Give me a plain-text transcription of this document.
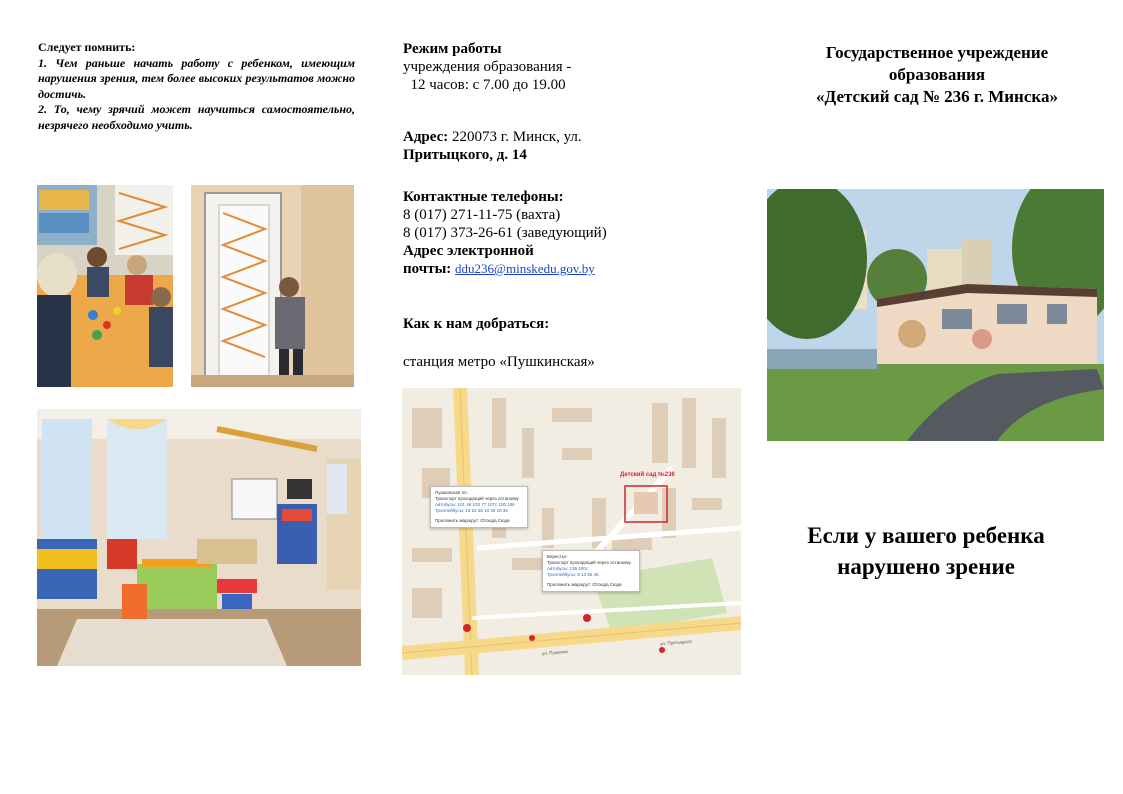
Следует помнить:
1. Чем раньше начать работу с ребенком, имеющим нарушения зрения, тем более высоких результатов можно достичь.
2. То, чему зрячий может научиться самостоятельно, незрячего необходимо учить.
Режим работы
учреждения образования -
12 часов: с 7.00 до 19.00
Адрес: 220073 г. Минск, ул.
Притыцкого, д. 14
Контактные телефоны:
8 (017) 271-11-75 (вахта)
8 (017) 373-26-61 (заведующий)
Адрес электронной
почты: ddu236@minskedu.gov.by
Как к нам добраться:
станция метро «Пушкинская»
Детский сад №236
ул. Притыцкого
ул. Пушкина
Пушкинская пл.
Транспорт проходящий через остановку
Автобусы: 101 46 103 77 107с 100 106
Троллейбусы: 16 52 38 10 38 18 36
Проложить маршрут: Отсюда Сюда
Берестья
Транспорт проходящий через остановку
Автобусы: 136 100с
Троллейбусы: 8 13 55 46
Проложить маршрут: Отсюда Сюда
Государственное учреждение
образования
«Детский сад № 236 г. Минска»
Если у вашего ребенка
нарушено зрение
